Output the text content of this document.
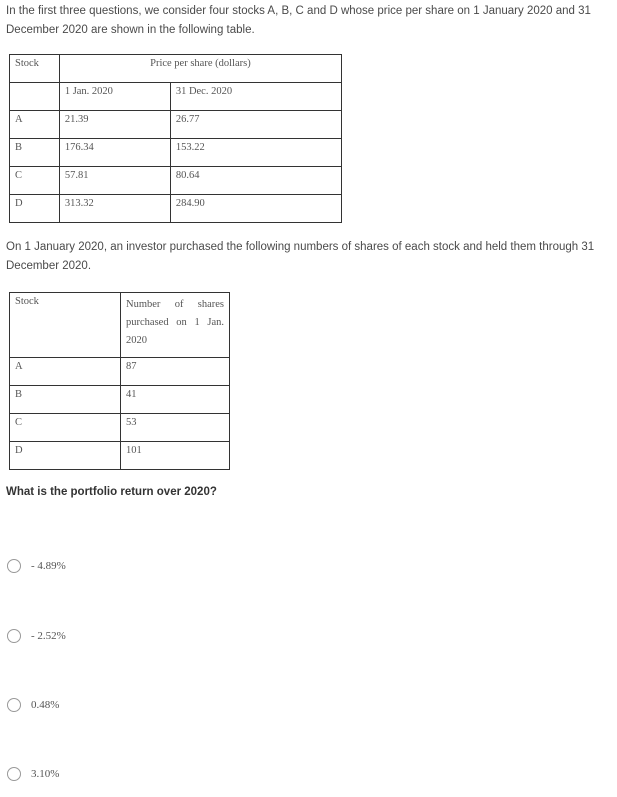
In the first three questions, we consider four stocks A, B, C and D whose price per share on 1 January 2020 and 31 December 2020 are shown in the following table.
Stock	Price per share (dollars)	
	1 Jan. 2020	31 Dec. 2020
A	21.39	26.77
B	176.34	153.22
C	57.81	80.64
D	313.32	284.90
On 1 January 2020, an investor purchased the following numbers of shares of each stock and held them through 31 December 2020.
Stock	Number of shares purchased on 1 Jan. 2020
A	87
B	41
C	53
D	101
What is the portfolio return over 2020?
- 4.89%
- 2.52%
0.48%
3.10%
